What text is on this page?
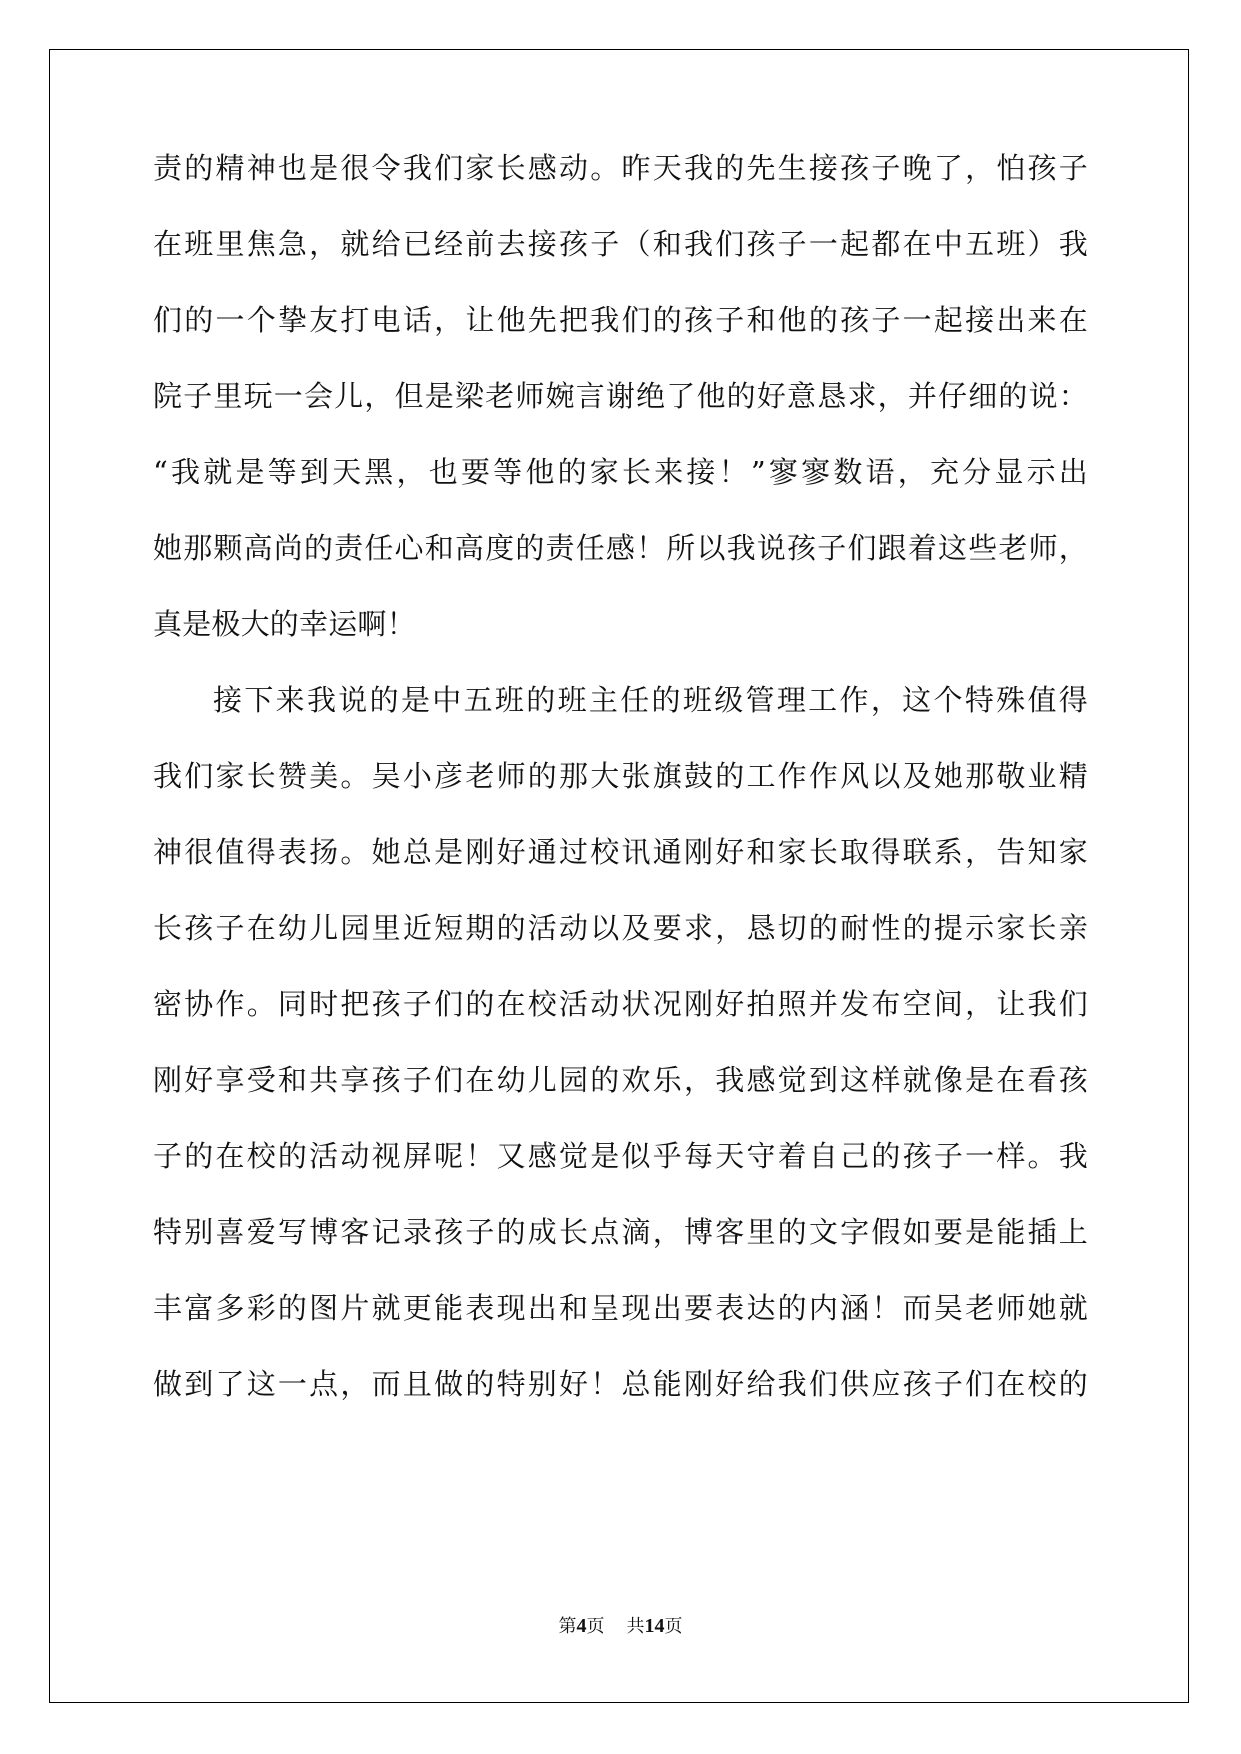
责的精神也是很令我们家长感动。昨天我的先生接孩子晚了，怕孩子
在班里焦急，就给已经前去接孩子（和我们孩子一起都在中五班）我
们的一个挚友打电话，让他先把我们的孩子和他的孩子一起接出来在
院子里玩一会儿，但是梁老师婉言谢绝了他的好意恳求，并仔细的说：
“我就是等到天黑，也要等他的家长来接！”寥寥数语，充分显示出
她那颗高尚的责任心和高度的责任感！所以我说孩子们跟着这些老师，
真是极大的幸运啊！
接下来我说的是中五班的班主任的班级管理工作，这个特殊值得
我们家长赞美。吴小彦老师的那大张旗鼓的工作作风以及她那敬业精
神很值得表扬。她总是刚好通过校讯通刚好和家长取得联系，告知家
长孩子在幼儿园里近短期的活动以及要求，恳切的耐性的提示家长亲
密协作。同时把孩子们的在校活动状况刚好拍照并发布空间，让我们
刚好享受和共享孩子们在幼儿园的欢乐，我感觉到这样就像是在看孩
子的在校的活动视屏呢！又感觉是似乎每天守着自己的孩子一样。我
特别喜爱写博客记录孩子的成长点滴，博客里的文字假如要是能插上
丰富多彩的图片就更能表现出和呈现出要表达的内涵！而吴老师她就
做到了这一点，而且做的特别好！总能刚好给我们供应孩子们在校的
第4页 共14页
